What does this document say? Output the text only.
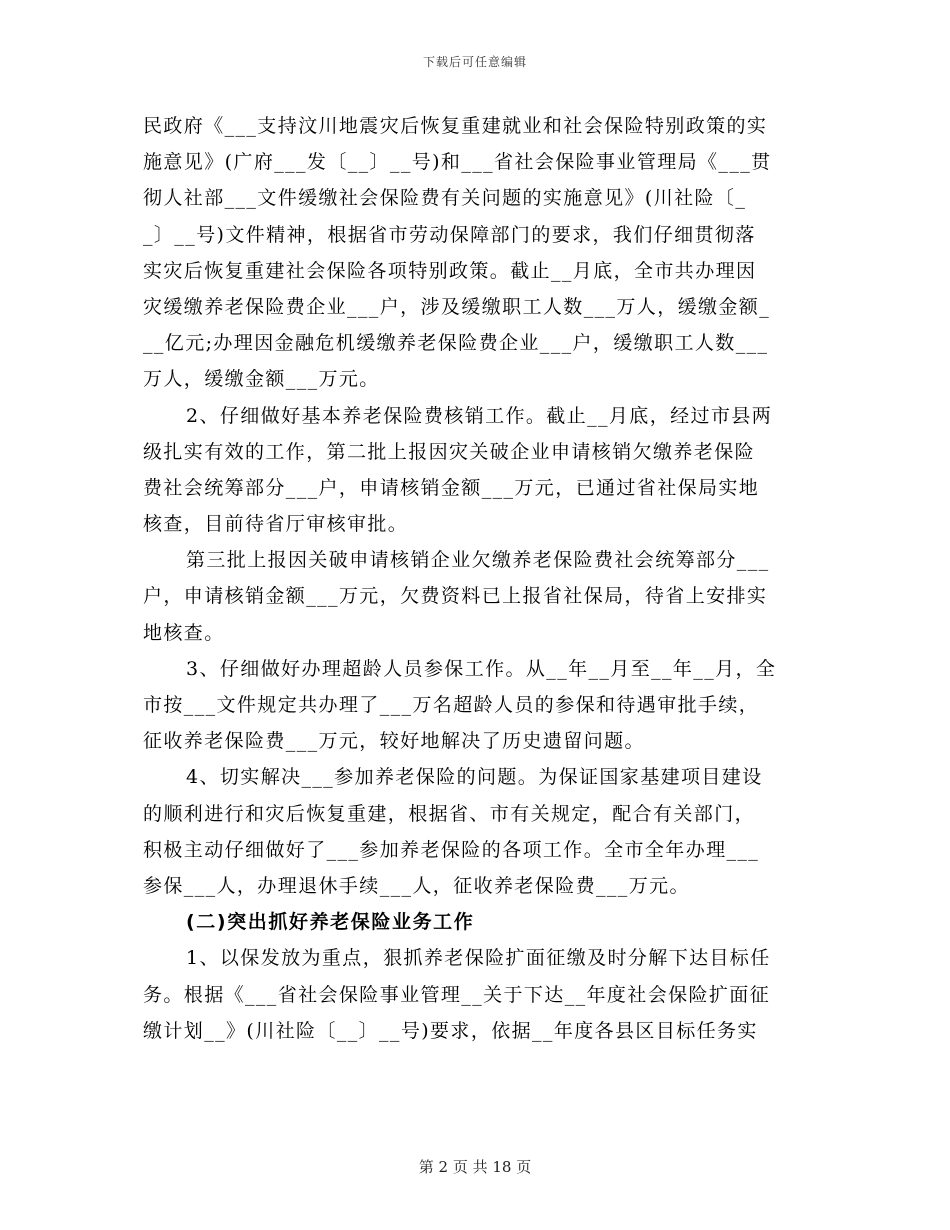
下载后可任意编辑
民政府《___支持汶川地震灾后恢复重建就业和社会保险特别政策的实
施意见》(广府___发〔__〕__号)和___省社会保险事业管理局《___贯
彻人社部___文件缓缴社会保险费有关问题的实施意见》(川社险〔_
_〕__号)文件精神，根据省市劳动保障部门的要求，我们仔细贯彻落
实灾后恢复重建社会保险各项特别政策。截止__月底，全市共办理因
灾缓缴养老保险费企业___户，涉及缓缴职工人数___万人，缓缴金额_
__亿元;办理因金融危机缓缴养老保险费企业___户，缓缴职工人数___
万人，缓缴金额___万元。
2、仔细做好基本养老保险费核销工作。截止__月底，经过市县两
级扎实有效的工作，第二批上报因灾关破企业申请核销欠缴养老保险
费社会统筹部分___户，申请核销金额___万元，已通过省社保局实地
核查，目前待省厅审核审批。
第三批上报因关破申请核销企业欠缴养老保险费社会统筹部分___
户，申请核销金额___万元，欠费资料已上报省社保局，待省上安排实
地核查。
3、仔细做好办理超龄人员参保工作。从__年__月至__年__月，全
市按___文件规定共办理了___万名超龄人员的参保和待遇审批手续，
征收养老保险费___万元，较好地解决了历史遗留问题。
4、切实解决___参加养老保险的问题。为保证国家基建项目建设
的顺利进行和灾后恢复重建，根据省、市有关规定，配合有关部门，
积极主动仔细做好了___参加养老保险的各项工作。全市全年办理___
参保___人，办理退休手续___人，征收养老保险费___万元。
(二)突出抓好养老保险业务工作
1、以保发放为重点，狠抓养老保险扩面征缴及时分解下达目标任
务。根据《___省社会保险事业管理__关于下达__年度社会保险扩面征
缴计划__》(川社险〔__〕__号)要求，依据__年度各县区目标任务实
第 2 页 共 18 页
